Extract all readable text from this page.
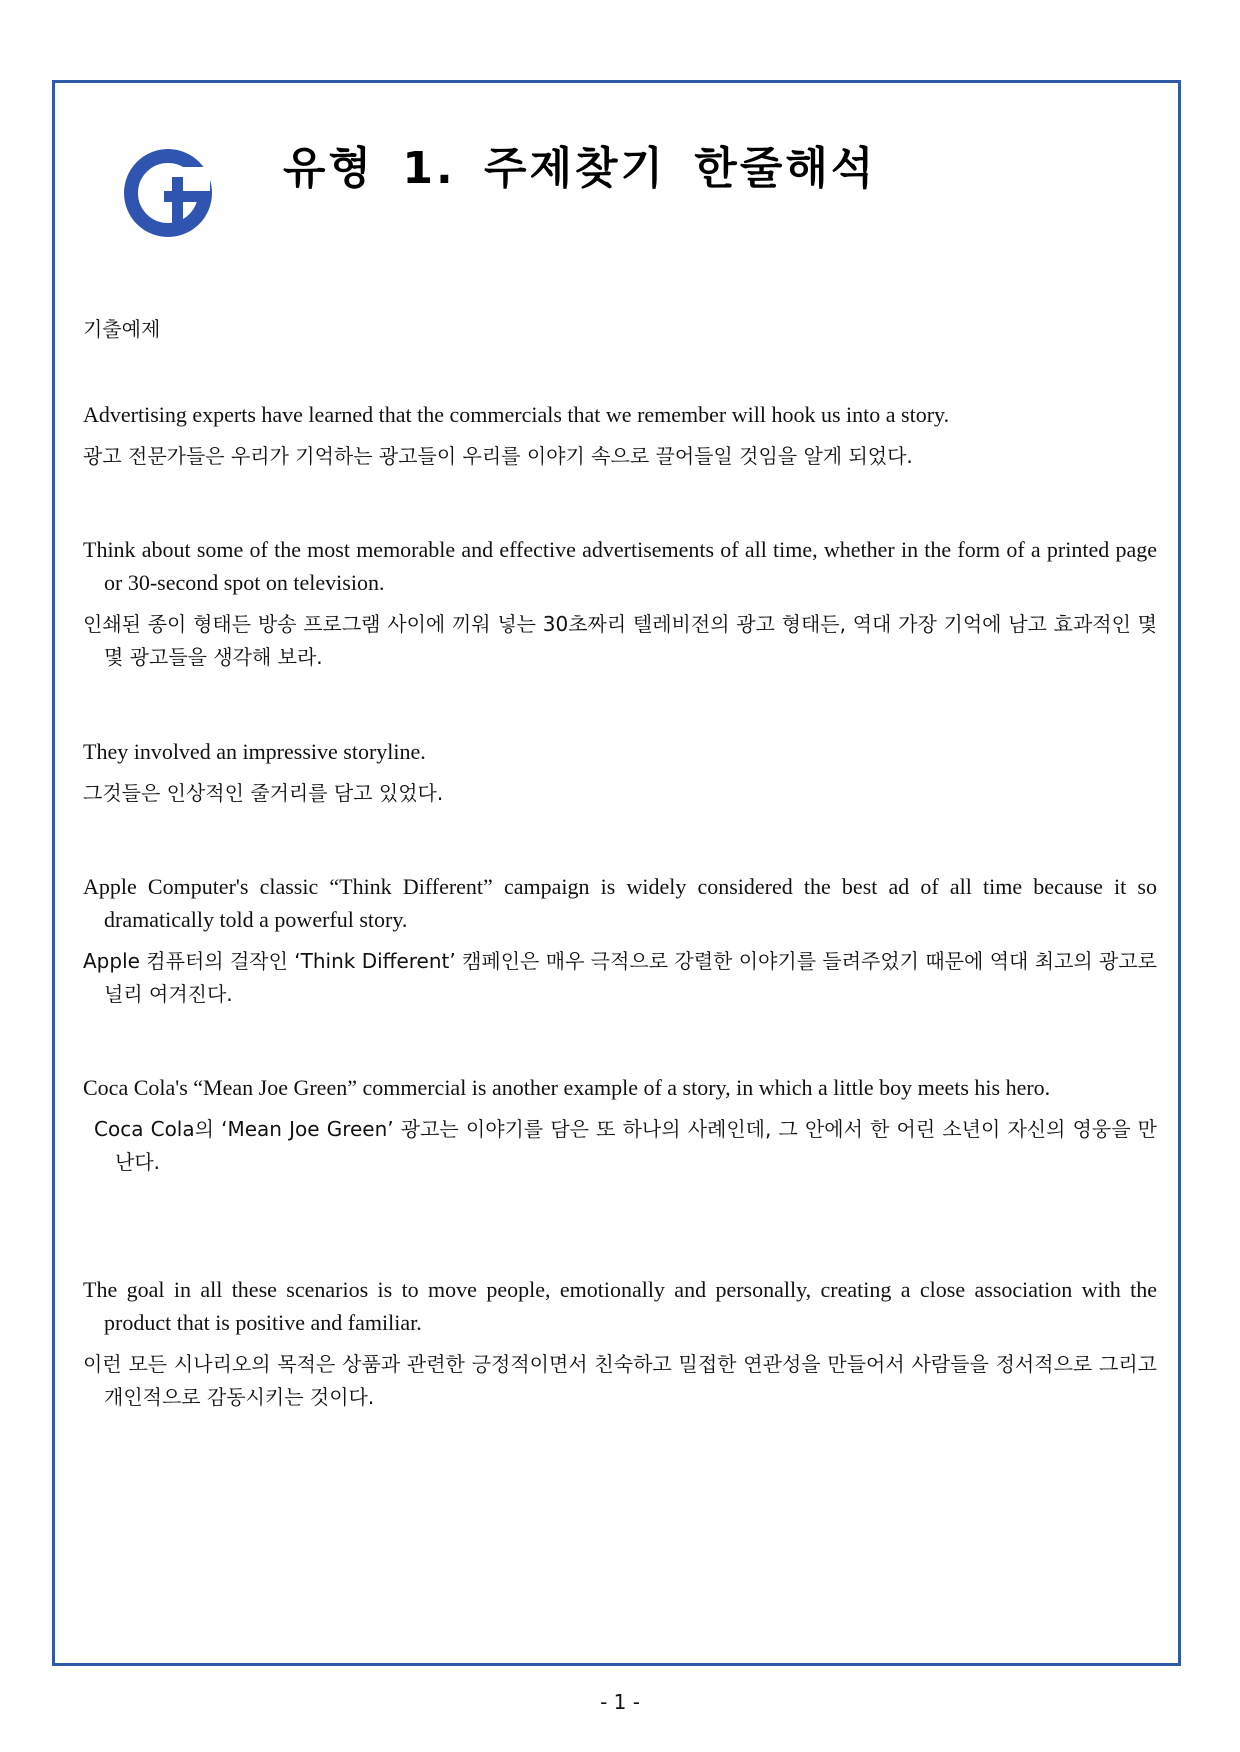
유형 1. 주제찾기 한줄해석

기출예제

Advertising experts have learned that the commercials that we remember will hook us into a story.

광고 전문가들은 우리가 기억하는 광고들이 우리를 이야기 속으로 끌어들일 것임을 알게 되었다.

Think about some of the most memorable and effective advertisements of all time, whether in the form of a printed page or 30-second spot on television.

인쇄된 종이 형태든 방송 프로그램 사이에 끼워 넣는 30초짜리 텔레비전의 광고 형태든, 역대 가장 기억에 남고 효과적인 몇몇 광고들을 생각해 보라.

They involved an impressive storyline.

그것들은 인상적인 줄거리를 담고 있었다.

Apple Computer's classic “Think Different” campaign is widely considered the best ad of all time because it so dramatically told a powerful story.

Apple 컴퓨터의 걸작인 ‘Think Different’ 캠페인은 매우 극적으로 강렬한 이야기를 들려주었기 때문에 역대 최고의 광고로 널리 여겨진다.

Coca Cola's “Mean Joe Green” commercial is another example of a story, in which a little boy meets his hero.

Coca Cola의 ‘Mean Joe Green’ 광고는 이야기를 담은 또 하나의 사례인데, 그 안에서 한 어린 소년이 자신의 영웅을 만난다.

The goal in all these scenarios is to move people, emotionally and personally, creating a close association with the product that is positive and familiar.

이런 모든 시나리오의 목적은 상품과 관련한 긍정적이면서 친숙하고 밀접한 연관성을 만들어서 사람들을 정서적으로 그리고 개인적으로 감동시키는 것이다.

- 1 -
